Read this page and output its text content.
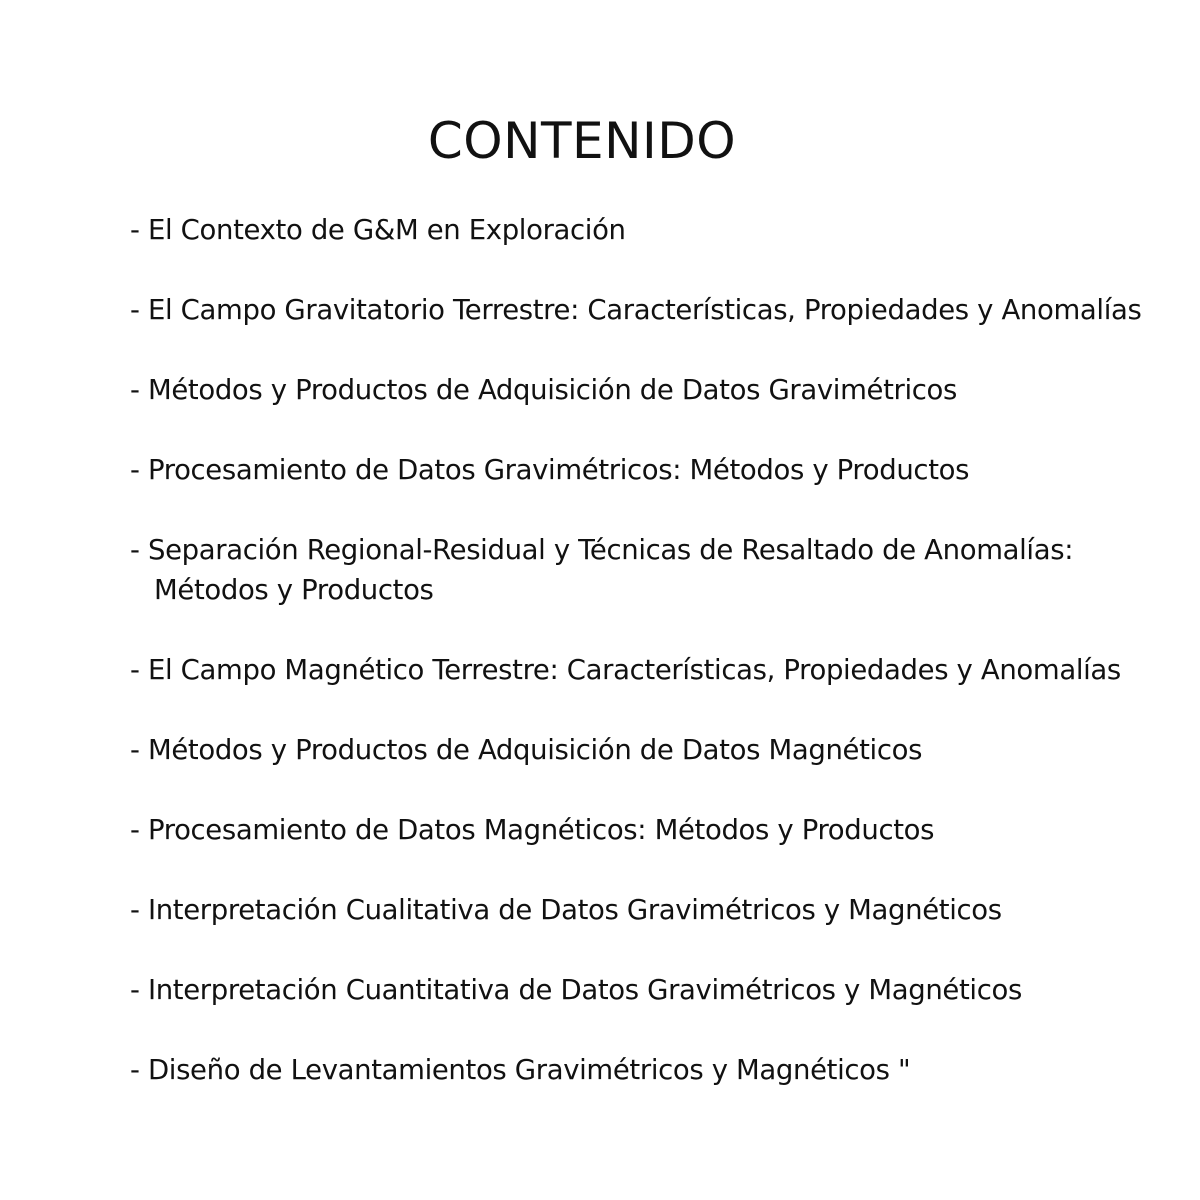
CONTENIDO
- El Contexto de G&M en Exploración
- El Campo Gravitatorio Terrestre: Características, Propiedades y Anomalías
- Métodos y Productos de Adquisición de Datos Gravimétricos
- Procesamiento de Datos Gravimétricos: Métodos y Productos
- Separación Regional-Residual y Técnicas de Resaltado de Anomalías:
Métodos y Productos
- El Campo Magnético Terrestre: Características, Propiedades y Anomalías
- Métodos y Productos de Adquisición de Datos Magnéticos
- Procesamiento de Datos Magnéticos: Métodos y Productos
- Interpretación Cualitativa de Datos Gravimétricos y Magnéticos
- Interpretación Cuantitativa de Datos Gravimétricos y Magnéticos
- Diseño de Levantamientos Gravimétricos y Magnéticos "
